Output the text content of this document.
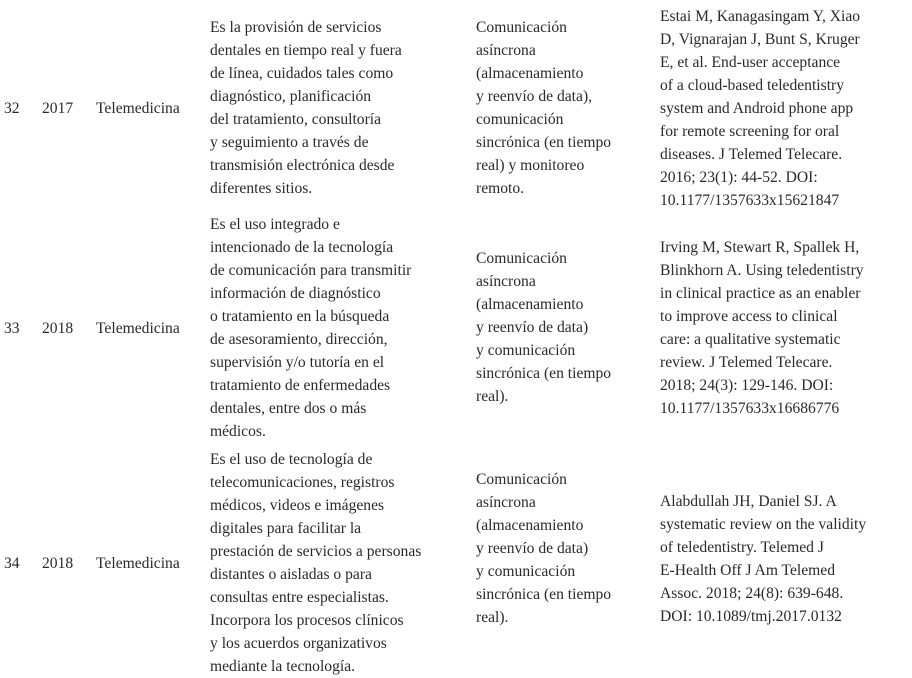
32 2017 Telemedicina
Es la provisión de servicios
dentales en tiempo real y fuera
de línea, cuidados tales como
diagnóstico, planificación
del tratamiento, consultoría
y seguimiento a través de
transmisión electrónica desde
diferentes sitios.
Comunicación
asíncrona
(almacenamiento
y reenvío de data),
comunicación
sincrónica (en tiempo
real) y monitoreo
remoto.
Estai M, Kanagasingam Y, Xiao
D, Vignarajan J, Bunt S, Kruger
E, et al. End-user acceptance
of a cloud-based teledentistry
system and Android phone app
for remote screening for oral
diseases. J Telemed Telecare.
2016; 23(1): 44-52. DOI:
10.1177/1357633x15621847
33 2018 Telemedicina
Es el uso integrado e
intencionado de la tecnología
de comunicación para transmitir
información de diagnóstico
o tratamiento en la búsqueda
de asesoramiento, dirección,
supervisión y/o tutoría en el
tratamiento de enfermedades
dentales, entre dos o más
médicos.
Comunicación
asíncrona
(almacenamiento
y reenvío de data)
y comunicación
sincrónica (en tiempo
real).
Irving M, Stewart R, Spallek H,
Blinkhorn A. Using teledentistry
in clinical practice as an enabler
to improve access to clinical
care: a qualitative systematic
review. J Telemed Telecare.
2018; 24(3): 129-146. DOI:
10.1177/1357633x16686776
34 2018 Telemedicina
Es el uso de tecnología de
telecomunicaciones, registros
médicos, videos e imágenes
digitales para facilitar la
prestación de servicios a personas
distantes o aisladas o para
consultas entre especialistas.
Incorpora los procesos clínicos
y los acuerdos organizativos
mediante la tecnología.
Comunicación
asíncrona
(almacenamiento
y reenvío de data)
y comunicación
sincrónica (en tiempo
real).
Alabdullah JH, Daniel SJ. A
systematic review on the validity
of teledentistry. Telemed J
E-Health Off J Am Telemed
Assoc. 2018; 24(8): 639-648.
DOI: 10.1089/tmj.2017.0132
